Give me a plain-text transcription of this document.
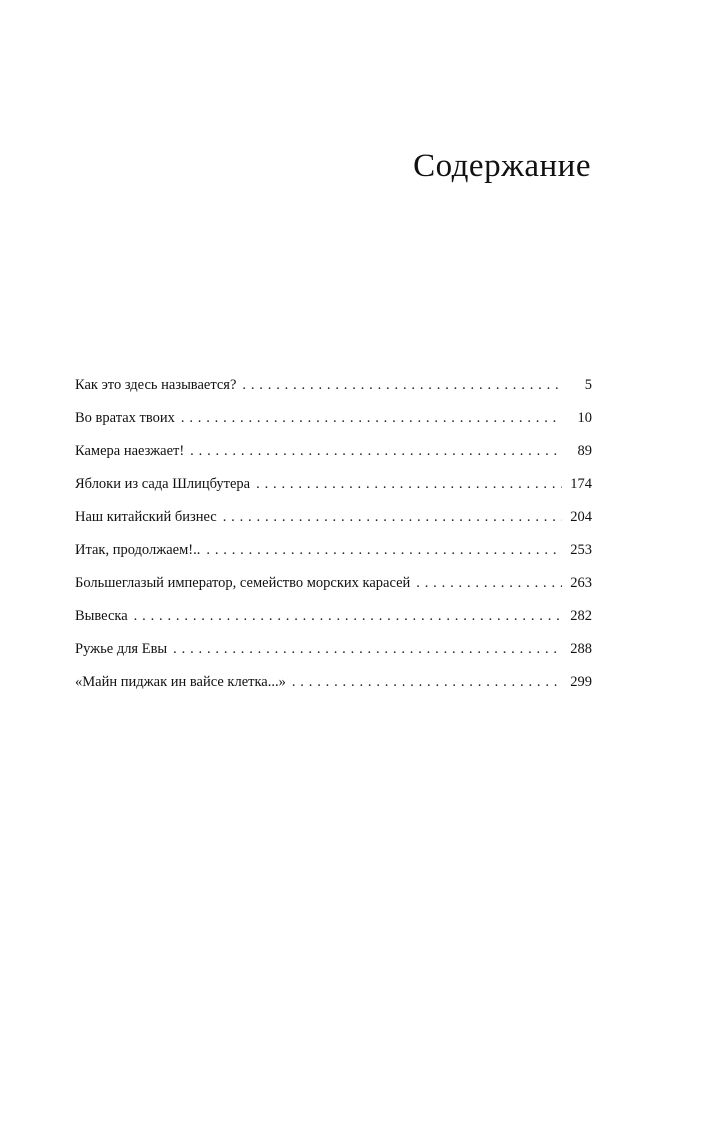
Содержание
Как это здесь называется? . . .	5
Во вратах твоих . . .	10
Камера наезжает! . . .	89
Яблоки из сада Шлицбутера . . .	174
Наш китайский бизнес . . .	204
Итак, продолжаем!.. . . .	253
Большеглазый император, семейство морских карасей . . .	263
Вывеска . . .	282
Ружье для Евы . . .	288
«Майн пиджак ин вайсе клетка...» . . .	299
